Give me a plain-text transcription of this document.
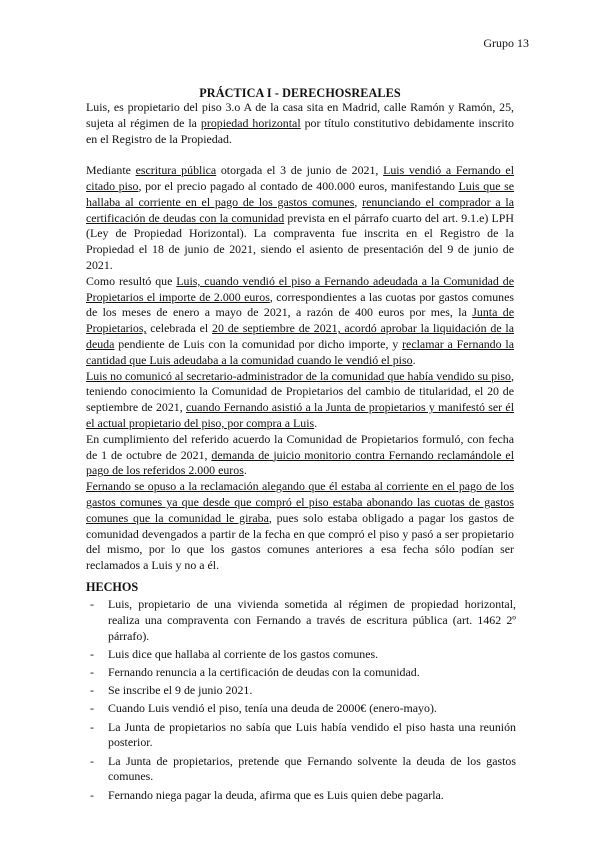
Grupo 13
PRÁCTICA I - DERECHOSREALES

Luis, es propietario del piso 3.o A de la casa sita en Madrid, calle Ramón y Ramón, 25, sujeta al régimen de la propiedad horizontal por título constitutivo debidamente inscrito en el Registro de la Propiedad.

Mediante escritura pública otorgada el 3 de junio de 2021, Luis vendió a Fernando el citado piso, por el precio pagado al contado de 400.000 euros, manifestando Luis que se hallaba al corriente en el pago de los gastos comunes, renunciando el comprador a la certificación de deudas con la comunidad prevista en el párrafo cuarto del art. 9.1.e) LPH (Ley de Propiedad Horizontal). La compraventa fue inscrita en el Registro de la Propiedad el 18 de junio de 2021, siendo el asiento de presentación del 9 de junio de 2021.

Como resultó que Luis, cuando vendió el piso a Fernando adeudada a la Comunidad de Propietarios el importe de 2.000 euros, correspondientes a las cuotas por gastos comunes de los meses de enero a mayo de 2021, a razón de 400 euros por mes, la Junta de Propietarios, celebrada el 20 de septiembre de 2021, acordó aprobar la liquidación de la deuda pendiente de Luis con la comunidad por dicho importe, y reclamar a Fernando la cantidad que Luis adeudaba a la comunidad cuando le vendió el piso.

Luis no comunicó al secretario-administrador de la comunidad que había vendido su piso, teniendo conocimiento la Comunidad de Propietarios del cambio de titularidad, el 20 de septiembre de 2021, cuando Fernando asistió a la Junta de propietarios y manifestó ser él el actual propietario del piso, por compra a Luis.

En cumplimiento del referido acuerdo la Comunidad de Propietarios formuló, con fecha de 1 de octubre de 2021, demanda de juicio monitorio contra Fernando reclamándole el pago de los referidos 2.000 euros.

Fernando se opuso a la reclamación alegando que él estaba al corriente en el pago de los gastos comunes ya que desde que compró el piso estaba abonando las cuotas de gastos comunes que la comunidad le giraba, pues solo estaba obligado a pagar los gastos de comunidad devengados a partir de la fecha en que compró el piso y pasó a ser propietario del mismo, por lo que los gastos comunes anteriores a esa fecha sólo podían ser reclamados a Luis y no a él.

HECHOS
- Luis, propietario de una vivienda sometida al régimen de propiedad horizontal, realiza una compraventa con Fernando a través de escritura pública (art. 1462 2º párrafo).
- Luis dice que hallaba al corriente de los gastos comunes.
- Fernando renuncia a la certificación de deudas con la comunidad.
- Se inscribe el 9 de junio 2021.
- Cuando Luis vendió el piso, tenía una deuda de 2000€ (enero-mayo).
- La Junta de propietarios no sabía que Luis había vendido el piso hasta una reunión posterior.
- La Junta de propietarios, pretende que Fernando solvente la deuda de los gastos comunes.
- Fernando niega pagar la deuda, afirma que es Luis quien debe pagarla.
